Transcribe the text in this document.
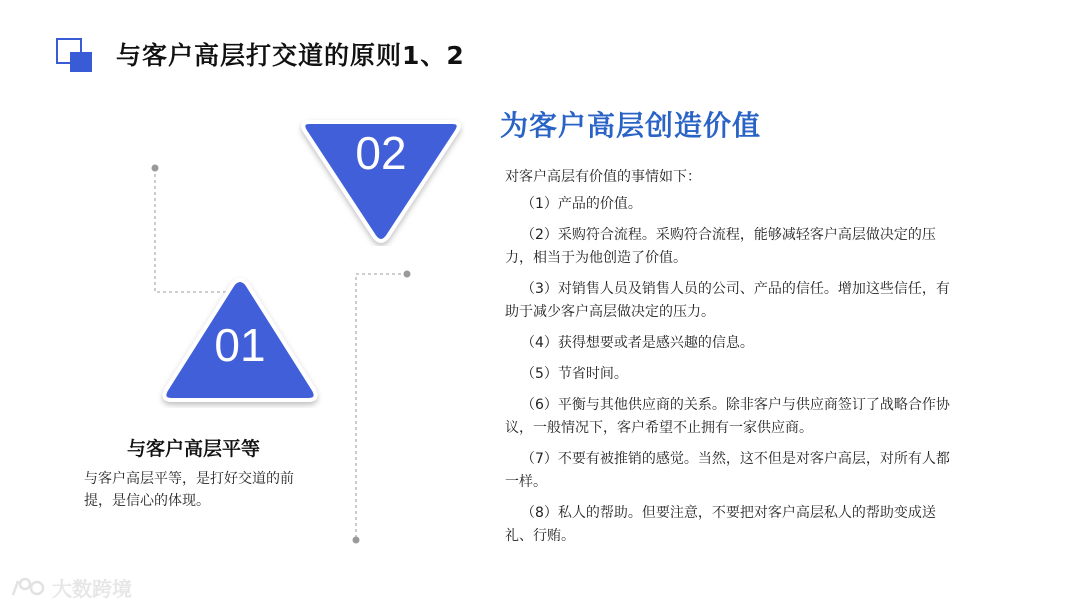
与客户高层打交道的原则1、2
02
01
为客户高层创造价值
对客户高层有价值的事情如下：
（1）产品的价值。
（2）采购符合流程。采购符合流程，能够减轻客户高层做决定的压力，相当于为他创造了价值。
（3）对销售人员及销售人员的公司、产品的信任。增加这些信任，有助于减少客户高层做决定的压力。
（4）获得想要或者是感兴趣的信息。
（5）节省时间。
（6）平衡与其他供应商的关系。除非客户与供应商签订了战略合作协议，一般情况下，客户希望不止拥有一家供应商。
（7）不要有被推销的感觉。当然，这不但是对客户高层，对所有人都一样。
（8）私人的帮助。但要注意，不要把对客户高层私人的帮助变成送礼、行贿。
与客户高层平等
与客户高层平等，是打好交道的前提，是信心的体现。
大数跨境
